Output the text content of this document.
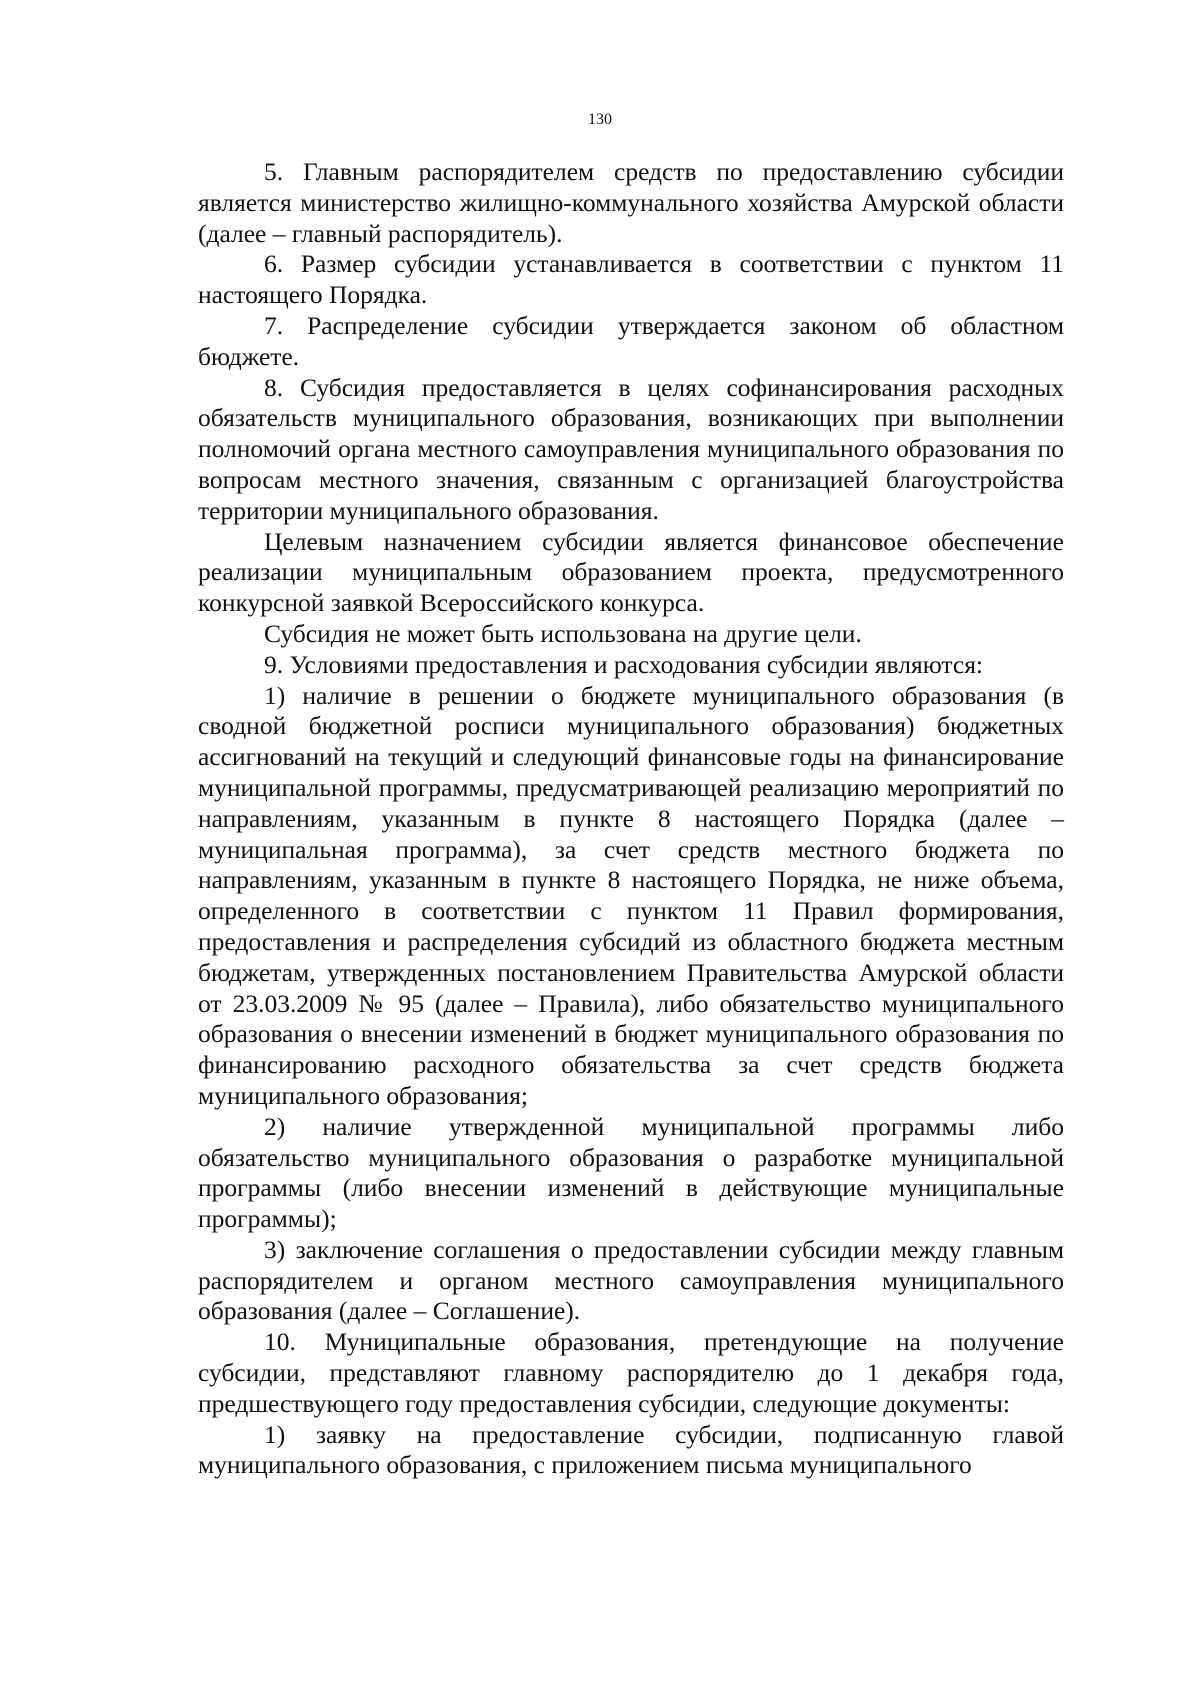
130

5. Главным распорядителем средств по предоставлению субсидии является министерство жилищно-коммунального хозяйства Амурской области (далее – главный распорядитель).

6. Размер субсидии устанавливается в соответствии с пунктом 11 настоящего Порядка.

7. Распределение субсидии утверждается законом об областном бюджете.

8. Субсидия предоставляется в целях софинансирования расходных обязательств муниципального образования, возникающих при выполнении полномочий органа местного самоуправления муниципального образования по вопросам местного значения, связанным с организацией благоустройства территории муниципального образования.

Целевым назначением субсидии является финансовое обеспечение реализации муниципальным образованием проекта, предусмотренного конкурсной заявкой Всероссийского конкурса.

Субсидия не может быть использована на другие цели.

9. Условиями предоставления и расходования субсидии являются:

1) наличие в решении о бюджете муниципального образования (в сводной бюджетной росписи муниципального образования) бюджетных ассигнований на текущий и следующий финансовые годы на финансирование муниципальной программы, предусматривающей реализацию мероприятий по направлениям, указанным в пункте 8 настоящего Порядка (далее – муниципальная программа), за счет средств местного бюджета по направлениям, указанным в пункте 8 настоящего Порядка, не ниже объема, определенного в соответствии с пунктом 11 Правил формирования, предоставления и распределения субсидий из областного бюджета местным бюджетам, утвержденных постановлением Правительства Амурской области от 23.03.2009 № 95 (далее – Правила), либо обязательство муниципального образования о внесении изменений в бюджет муниципального образования по финансированию расходного обязательства за счет средств бюджета муниципального образования;

2) наличие утвержденной муниципальной программы либо обязательство муниципального образования о разработке муниципальной программы (либо внесении изменений в действующие муниципальные программы);

3) заключение соглашения о предоставлении субсидии между главным распорядителем и органом местного самоуправления муниципального образования (далее – Соглашение).

10. Муниципальные образования, претендующие на получение субсидии, представляют главному распорядителю до 1 декабря года, предшествующего году предоставления субсидии, следующие документы:

1) заявку на предоставление субсидии, подписанную главой муниципального образования, с приложением письма муниципального
